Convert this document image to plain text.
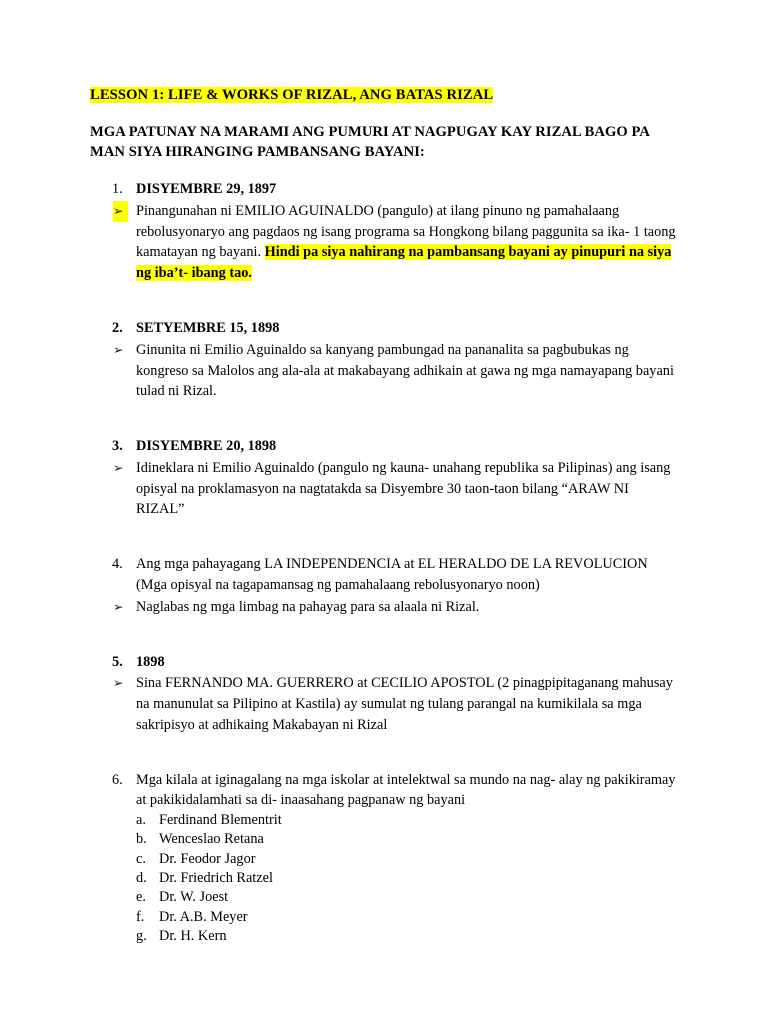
LESSON 1: LIFE & WORKS OF RIZAL, ANG BATAS RIZAL
MGA PATUNAY NA MARAMI ANG PUMURI AT NAGPUGAY KAY RIZAL BAGO PA MAN SIYA HIRANGING PAMBANSANG BAYANI:
1. DISYEMBRE 29, 1897
➢ Pinangunahan ni EMILIO AGUINALDO (pangulo) at ilang pinuno ng pamahalaang rebolusyonaryo ang pagdaos ng isang programa sa Hongkong bilang paggunita sa ika- 1 taong kamatayan ng bayani. Hindi pa siya nahirang na pambansang bayani ay pinupuri na siya ng iba’t- ibang tao.
2. SETYEMBRE 15, 1898
➢ Ginunita ni Emilio Aguinaldo sa kanyang pambungad na pananalita sa pagbubukas ng kongreso sa Malolos ang ala-ala at makabayang adhikain at gawa ng mga namayapang bayani tulad ni Rizal.
3. DISYEMBRE 20, 1898
➢ Idineklara ni Emilio Aguinaldo (pangulo ng kauna- unahang republika sa Pilipinas) ang isang opisyal na proklamasyon na nagtatakda sa Disyembre 30 taon-taon bilang “ARAW NI RIZAL”
4. Ang mga pahayagang LA INDEPENDENCIA at EL HERALDO DE LA REVOLUCION
(Mga opisyal na tagapamansag ng pamahalaang rebolusyonaryo noon)
➢ Naglabas ng mga limbag na pahayag para sa alaala ni Rizal.
5. 1898
➢ Sina FERNANDO MA. GUERRERO at CECILIO APOSTOL (2 pinagpipitaganang mahusay na manunulat sa Pilipino at Kastila) ay sumulat ng tulang parangal na kumikilala sa mga sakripisyo at adhikaing Makabayan ni Rizal
6. Mga kilala at iginagalang na mga iskolar at intelektwal sa mundo na nag- alay ng pakikiramay at pakikidalamhati sa di- inaasahang pagpanaw ng bayani
a. Ferdinand Blementrit
b. Wenceslao Retana
c. Dr. Feodor Jagor
d. Dr. Friedrich Ratzel
e. Dr. W. Joest
f.	Dr. A.B. Meyer
g. Dr. H. Kern
